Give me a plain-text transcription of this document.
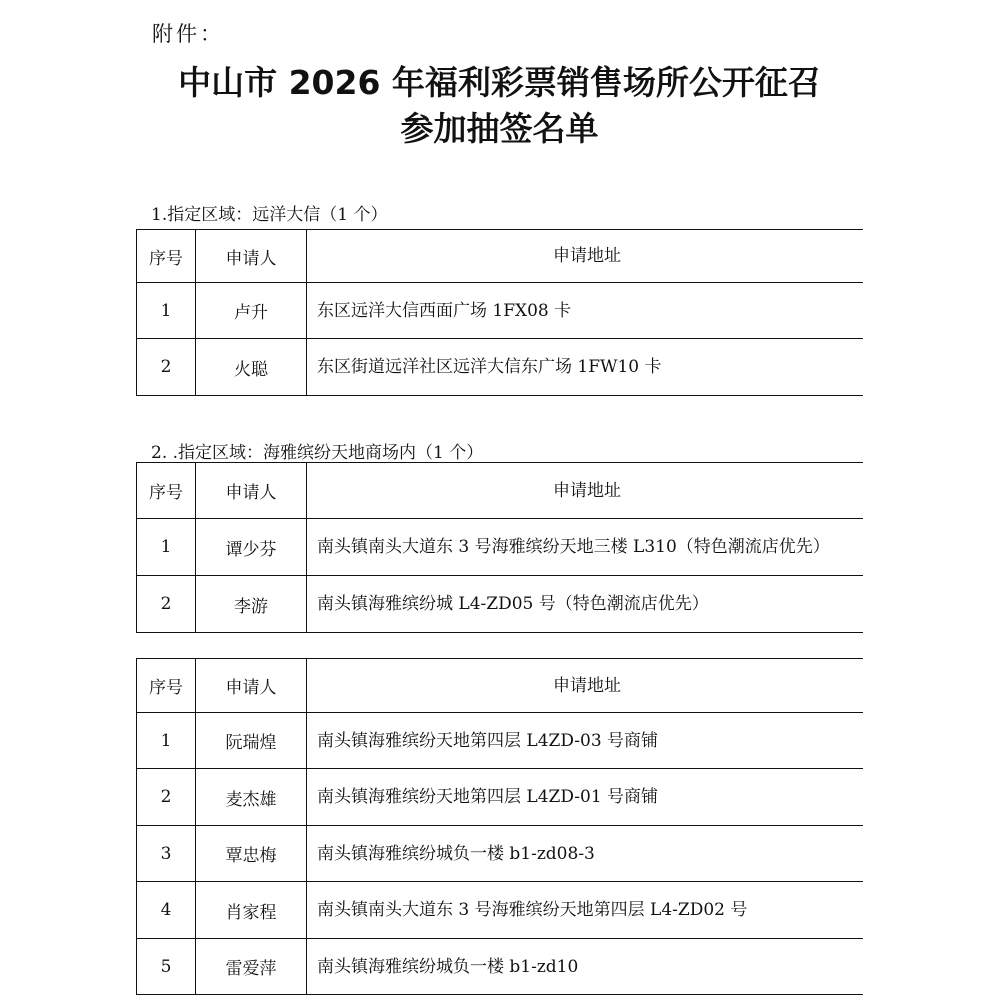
附件：
中山市 2026 年福利彩票销售场所公开征召
参加抽签名单
1.指定区域：远洋大信（1 个）
序号	申请人	申请地址
1	卢升	东区远洋大信西面广场 1FX08 卡
2	火聪	东区街道远洋社区远洋大信东广场 1FW10 卡
2. .指定区域：海雅缤纷天地商场内（1 个）
序号	申请人	申请地址
1	谭少芬	南头镇南头大道东 3 号海雅缤纷天地三楼 L310（特色潮流店优先）
2	李游	南头镇海雅缤纷城 L4-ZD05 号（特色潮流店优先）
序号	申请人	申请地址
1	阮瑞煌	南头镇海雅缤纷天地第四层 L4ZD-03 号商铺
2	麦杰雄	南头镇海雅缤纷天地第四层 L4ZD-01 号商铺
3	覃忠梅	南头镇海雅缤纷城负一楼 b1-zd08-3
4	肖家程	南头镇南头大道东 3 号海雅缤纷天地第四层 L4-ZD02 号
5	雷爱萍	南头镇海雅缤纷城负一楼 b1-zd10
